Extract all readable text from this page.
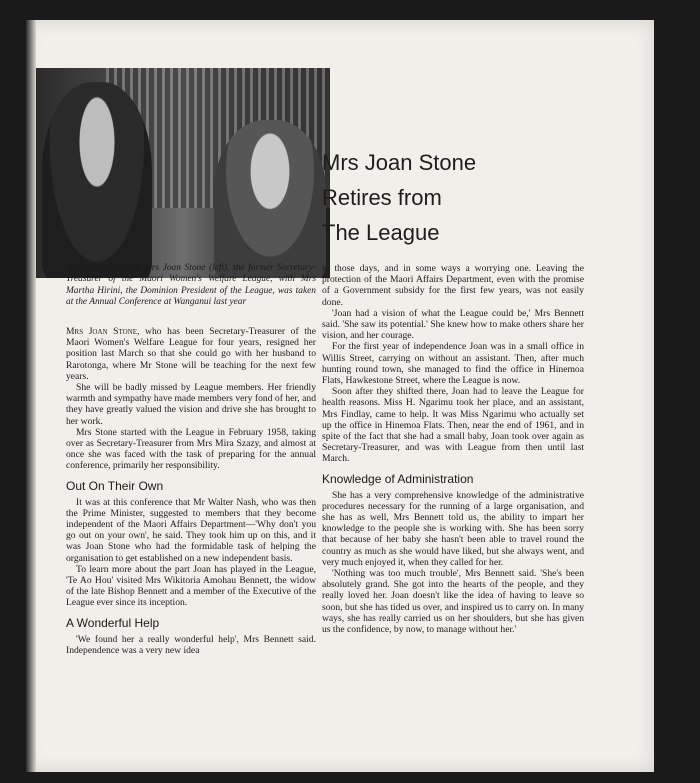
Mrs Joan Stone
Retires from
The League
This photograph of Mrs Joan Stone (left), the former Secretary-Treasurer of the Maori Women's Welfare League, with Mrs Martha Hirini, the Dominion President of the League, was taken at the Annual Conference at Wanganui last year

Mrs Joan Stone, who has been Secretary-Treasurer of the Maori Women's Welfare League for four years, resigned her position last March so that she could go with her husband to Rarotonga, where Mr Stone will be teaching for the next few years.

She will be badly missed by League members. Her friendly warmth and sympathy have made members very fond of her, and they have greatly valued the vision and drive she has brought to her work.

Mrs Stone started with the League in February 1958, taking over as Secretary-Treasurer from Mrs Mira Szazy, and almost at once she was faced with the task of preparing for the annual conference, primarily her responsibility.

Out On Their Own

It was at this conference that Mr Walter Nash, who was then the Prime Minister, suggested to members that they become independent of the Maori Affairs Department—'Why don't you go out on your own', he said. They took him up on this, and it was Joan Stone who had the formidable task of helping the organisation to get established on a new independent basis.

To learn more about the part Joan has played in the League, 'Te Ao Hou' visited Mrs Wikitoria Amohau Bennett, the widow of the late Bishop Bennett and a member of the Executive of the League ever since its inception.

A Wonderful Help

'We found her a really wonderful help', Mrs Bennett said. Independence was a very new idea

in those days, and in some ways a worrying one. Leaving the protection of the Maori Affairs Department, even with the promise of a Government subsidy for the first few years, was not easily done.

'Joan had a vision of what the League could be,' Mrs Bennett said. 'She saw its potential.' She knew how to make others share her vision, and her courage.

For the first year of independence Joan was in a small office in Willis Street, carrying on without an assistant. Then, after much hunting round town, she managed to find the office in Hinemoa Flats, Hawkestone Street, where the League is now.

Soon after they shifted there, Joan had to leave the League for health reasons. Miss H. Ngarimu took her place, and an assistant, Mrs Findlay, came to help. It was Miss Ngarimu who actually set up the office in Hinemoa Flats. Then, near the end of 1961, and in spite of the fact that she had a small baby, Joan took over again as Secretary-Treasurer, and was with League from then until last March.

Knowledge of Administration

She has a very comprehensive knowledge of the administrative procedures necessary for the running of a large organisation, and she has as well, Mrs Bennett told us, the ability to impart her knowledge to the people she is working with. She has been sorry that because of her baby she hasn't been able to travel round the country as much as she would have liked, but she always went, and very much enjoyed it, when they called for her.

'Nothing was too much trouble', Mrs Bennett said. 'She's been absolutely grand. She got into the hearts of the people, and they really loved her. Joan doesn't like the idea of having to leave so soon, but she has tided us over, and inspired us to carry on. In many ways, she has really carried us on her shoulders, but she has given us the confidence, by now, to manage without her.'

55
